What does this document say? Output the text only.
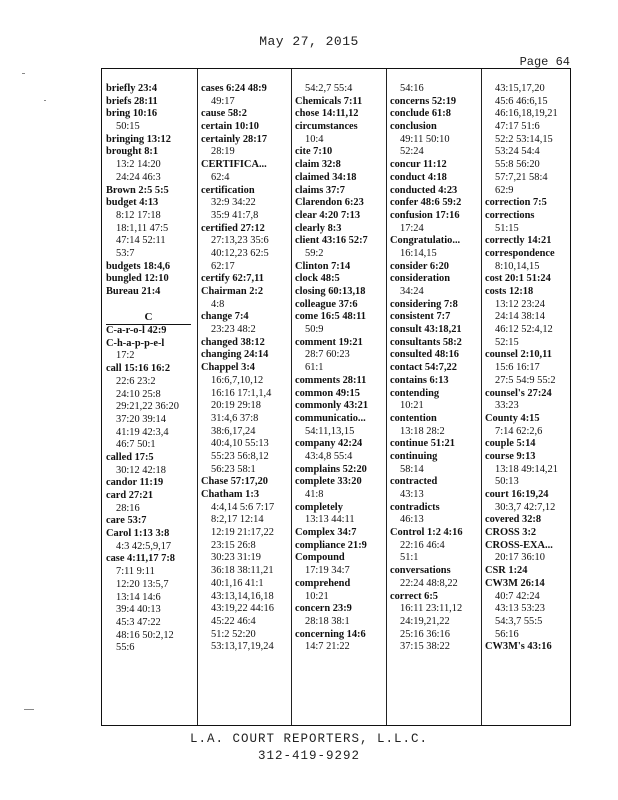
May 27, 2015
Page 64
briefly 23:4
briefs 28:11
bring 10:16
50:15
bringing 13:12
brought 8:1
13:2 14:20
24:24 46:3
Brown 2:5 5:5
budget 4:13
8:12 17:18
18:1,11 47:5
47:14 52:11
53:7
budgets 18:4,6
bungled 12:10
Bureau 21:4
C
C-a-r-o-l 42:9
C-h-a-p-p-e-l
17:2
call 15:16 16:2
22:6 23:2
24:10 25:8
29:21,22 36:20
37:20 39:14
41:19 42:3,4
46:7 50:1
called 17:5
30:12 42:18
candor 11:19
card 27:21
28:16
care 53:7
Carol 1:13 3:8
4:3 42:5,9,17
case 4:11,17 7:8
7:11 9:11
12:20 13:5,7
13:14 14:6
39:4 40:13
45:3 47:22
48:16 50:2,12
55:6
cases 6:24 48:9
49:17
cause 58:2
certain 10:10
certainly 28:17
28:19
CERTIFICA...
62:4
certification
32:9 34:22
35:9 41:7,8
certified 27:12
27:13,23 35:6
40:12,23 62:5
62:17
certify 62:7,11
Chairman 2:2
4:8
change 7:4
23:23 48:2
changed 38:12
changing 24:14
Chappel 3:4
16:6,7,10,12
16:16 17:1,1,4
20:19 29:18
31:4,6 37:8
38:6,17,24
40:4,10 55:13
55:23 56:8,12
56:23 58:1
Chase 57:17,20
Chatham 1:3
4:4,14 5:6 7:17
8:2,17 12:14
12:19 21:17,22
23:15 26:8
30:23 31:19
36:18 38:11,21
40:1,16 41:1
43:13,14,16,18
43:19,22 44:16
45:22 46:4
51:2 52:20
53:13,17,19,24
54:2,7 55:4
Chemicals 7:11
chose 14:11,12
circumstances
10:4
cite 7:10
claim 32:8
claimed 34:18
claims 37:7
Clarendon 6:23
clear 4:20 7:13
clearly 8:3
client 43:16 52:7
59:2
Clinton 7:14
clock 48:5
closing 60:13,18
colleague 37:6
come 16:5 48:11
50:9
comment 19:21
28:7 60:23
61:1
comments 28:11
common 49:15
commonly 43:21
communicatio...
54:11,13,15
company 42:24
43:4,8 55:4
complains 52:20
complete 33:20
41:8
completely
13:13 44:11
Complex 34:7
compliance 21:9
Compound
17:19 34:7
comprehend
10:21
concern 23:9
28:18 38:1
concerning 14:6
14:7 21:22
54:16
concerns 52:19
conclude 61:8
conclusion
49:11 50:10
52:24
concur 11:12
conduct 4:18
conducted 4:23
confer 48:6 59:2
confusion 17:16
17:24
Congratulatio...
16:14,15
consider 6:20
consideration
34:24
considering 7:8
consistent 7:7
consult 43:18,21
consultants 58:2
consulted 48:16
contact 54:7,22
contains 6:13
contending
10:21
contention
13:18 28:2
continue 51:21
continuing
58:14
contracted
43:13
contradicts
46:13
Control 1:2 4:16
22:16 46:4
51:1
conversations
22:24 48:8,22
correct 6:5
16:11 23:11,12
24:19,21,22
25:16 36:16
37:15 38:22
43:15,17,20
45:6 46:6,15
46:16,18,19,21
47:17 51:6
52:2 53:14,15
53:24 54:4
55:8 56:20
57:7,21 58:4
62:9
correction 7:5
corrections
51:15
correctly 14:21
correspondence
8:10,14,15
cost 20:1 51:24
costs 12:18
13:12 23:24
24:14 38:14
46:12 52:4,12
52:15
counsel 2:10,11
15:6 16:17
27:5 54:9 55:2
counsel's 27:24
33:23
County 4:15
7:14 62:2,6
couple 5:14
course 9:13
13:18 49:14,21
50:13
court 16:19,24
30:3,7 42:7,12
covered 32:8
CROSS 3:2
CROSS-EXA...
20:17 36:10
CSR 1:24
CW3M 26:14
40:7 42:24
43:13 53:23
54:3,7 55:5
56:16
CW3M's 43:16
L.A. COURT REPORTERS, L.L.C.
312-419-9292
